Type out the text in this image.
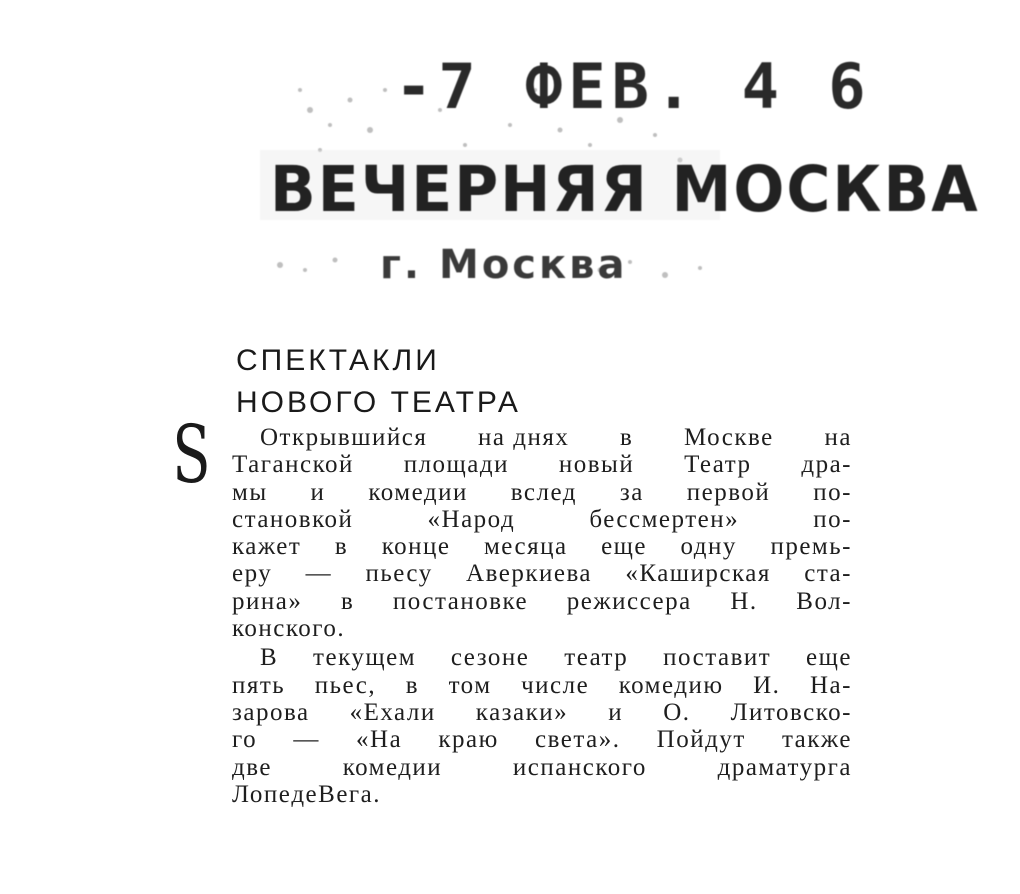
-7 ФЕВ. 4 6
ВЕЧЕРНЯЯ МОСКВА
г. Москва
СПЕКТАКЛИ
НОВОГО ТЕАТРА
S Открывшийся на днях в Москве на
Таганской площади новый Театр дра-
мы и комедии вслед за первой по-
становкой	«Народ	бессмертен»	по-
кажет в конце месяца еще одну премь-
еру — пьесу Аверкиева «Каширская ста-
рина» в постановке режиссера Н. Вол-
конского.
В текущем сезоне театр поставит еще
пять пьес, в том числе комедию И. На-
зарова «Ехали казаки» и О. Литовско-
го — «На краю света». Пойдут также
две	комедии	испанского	драматурга
Лопе де Вега.
